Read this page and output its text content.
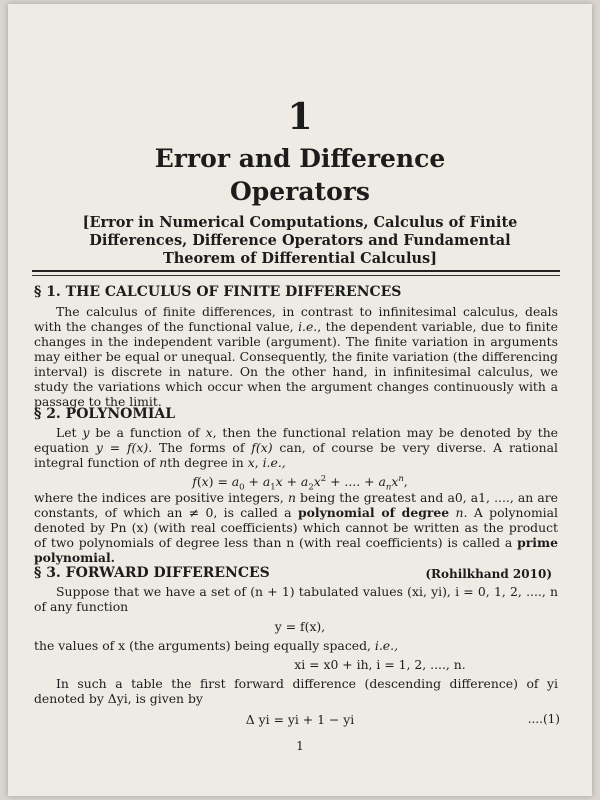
1
Error and Difference
Operators
[Error in Numerical Computations, Calculus of Finite
Differences, Difference Operators and Fundamental
Theorem of Differential Calculus]
§ 1. THE CALCULUS OF FINITE DIFFERENCES
The calculus of finite differences, in contrast to infinitesimal calculus, deals with the changes of the functional value, i.e., the dependent variable, due to finite changes in the independent varible (argument). The finite variation in arguments may either be equal or unequal. Consequently, the finite variation (the differencing interval) is discrete in nature. On the other hand, in infinitesimal calculus, we study the variations which occur when the argument changes continuously with a passage to the limit.
§ 2. POLYNOMIAL
Let y be a function of x, then the functional relation may be denoted by the equation y = f(x). The forms of f(x) can, of course be very diverse. A rational integral function of nth degree in x, i.e.,
$f(x) = a_0 + a_1x + a_2x^2$ + .... + $a_nx^n$,
where the indices are positive integers, n being the greatest and a0, a1, ...., an are constants, of which an ≠ 0, is called a polynomial of degree n. A polynomial denoted by Pn (x) (with real coefficients) which cannot be written as the product of two polynomials of degree less than n (with real coefficients) is called a prime polynomial.
§ 3. FORWARD DIFFERENCES	(Rohilkhand 2010)
Suppose that we have a set of (n + 1) tabulated values (xi, yi), i = 0, 1, 2, ...., n of any function
y = f(x),
the values of x (the arguments) being equally spaced, i.e.,
xi = x0 + ih, i = 1, 2, ...., n.
In such a table the first forward difference (descending difference) of yi denoted by Δyi, is given by
Δ yi = yi + 1 − yi	....(1)
1
